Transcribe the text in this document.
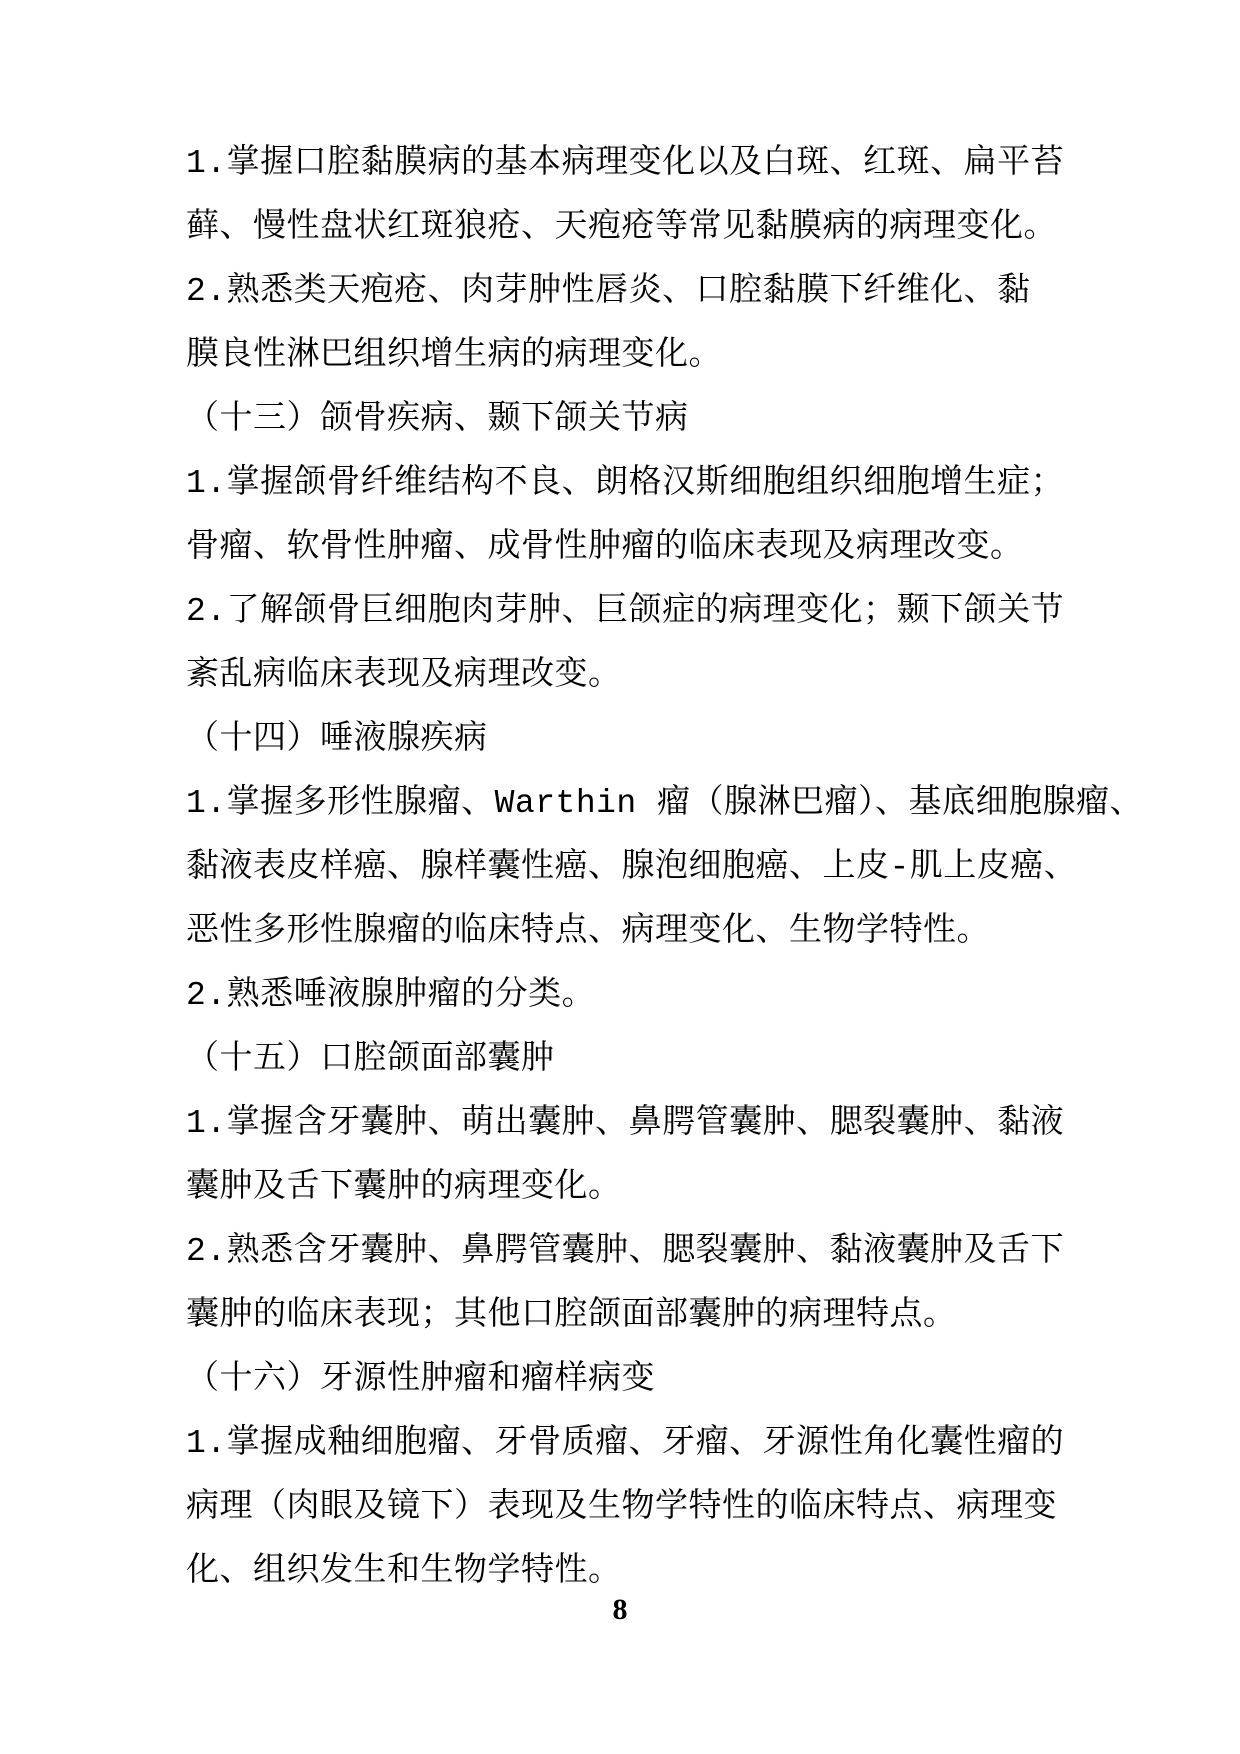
1.掌握口腔黏膜病的基本病理变化以及白斑、红斑、扁平苔
藓、慢性盘状红斑狼疮、天疱疮等常见黏膜病的病理变化。
2.熟悉类天疱疮、肉芽肿性唇炎、口腔黏膜下纤维化、黏
膜良性淋巴组织增生病的病理变化。
（十三）颌骨疾病、颞下颌关节病
1.掌握颌骨纤维结构不良、朗格汉斯细胞组织细胞增生症；
骨瘤、软骨性肿瘤、成骨性肿瘤的临床表现及病理改变。
2.了解颌骨巨细胞肉芽肿、巨颌症的病理变化；颞下颌关节
紊乱病临床表现及病理改变。
（十四）唾液腺疾病
1.掌握多形性腺瘤、Warthin 瘤（腺淋巴瘤）、基底细胞腺瘤、
黏液表皮样癌、腺样囊性癌、腺泡细胞癌、上皮-肌上皮癌、
恶性多形性腺瘤的临床特点、病理变化、生物学特性。
2.熟悉唾液腺肿瘤的分类。
（十五）口腔颌面部囊肿
1.掌握含牙囊肿、萌出囊肿、鼻腭管囊肿、腮裂囊肿、黏液
囊肿及舌下囊肿的病理变化。
2.熟悉含牙囊肿、鼻腭管囊肿、腮裂囊肿、黏液囊肿及舌下
囊肿的临床表现；其他口腔颌面部囊肿的病理特点。
（十六）牙源性肿瘤和瘤样病变
1.掌握成釉细胞瘤、牙骨质瘤、牙瘤、牙源性角化囊性瘤的
病理（肉眼及镜下）表现及生物学特性的临床特点、病理变
化、组织发生和生物学特性。
8
